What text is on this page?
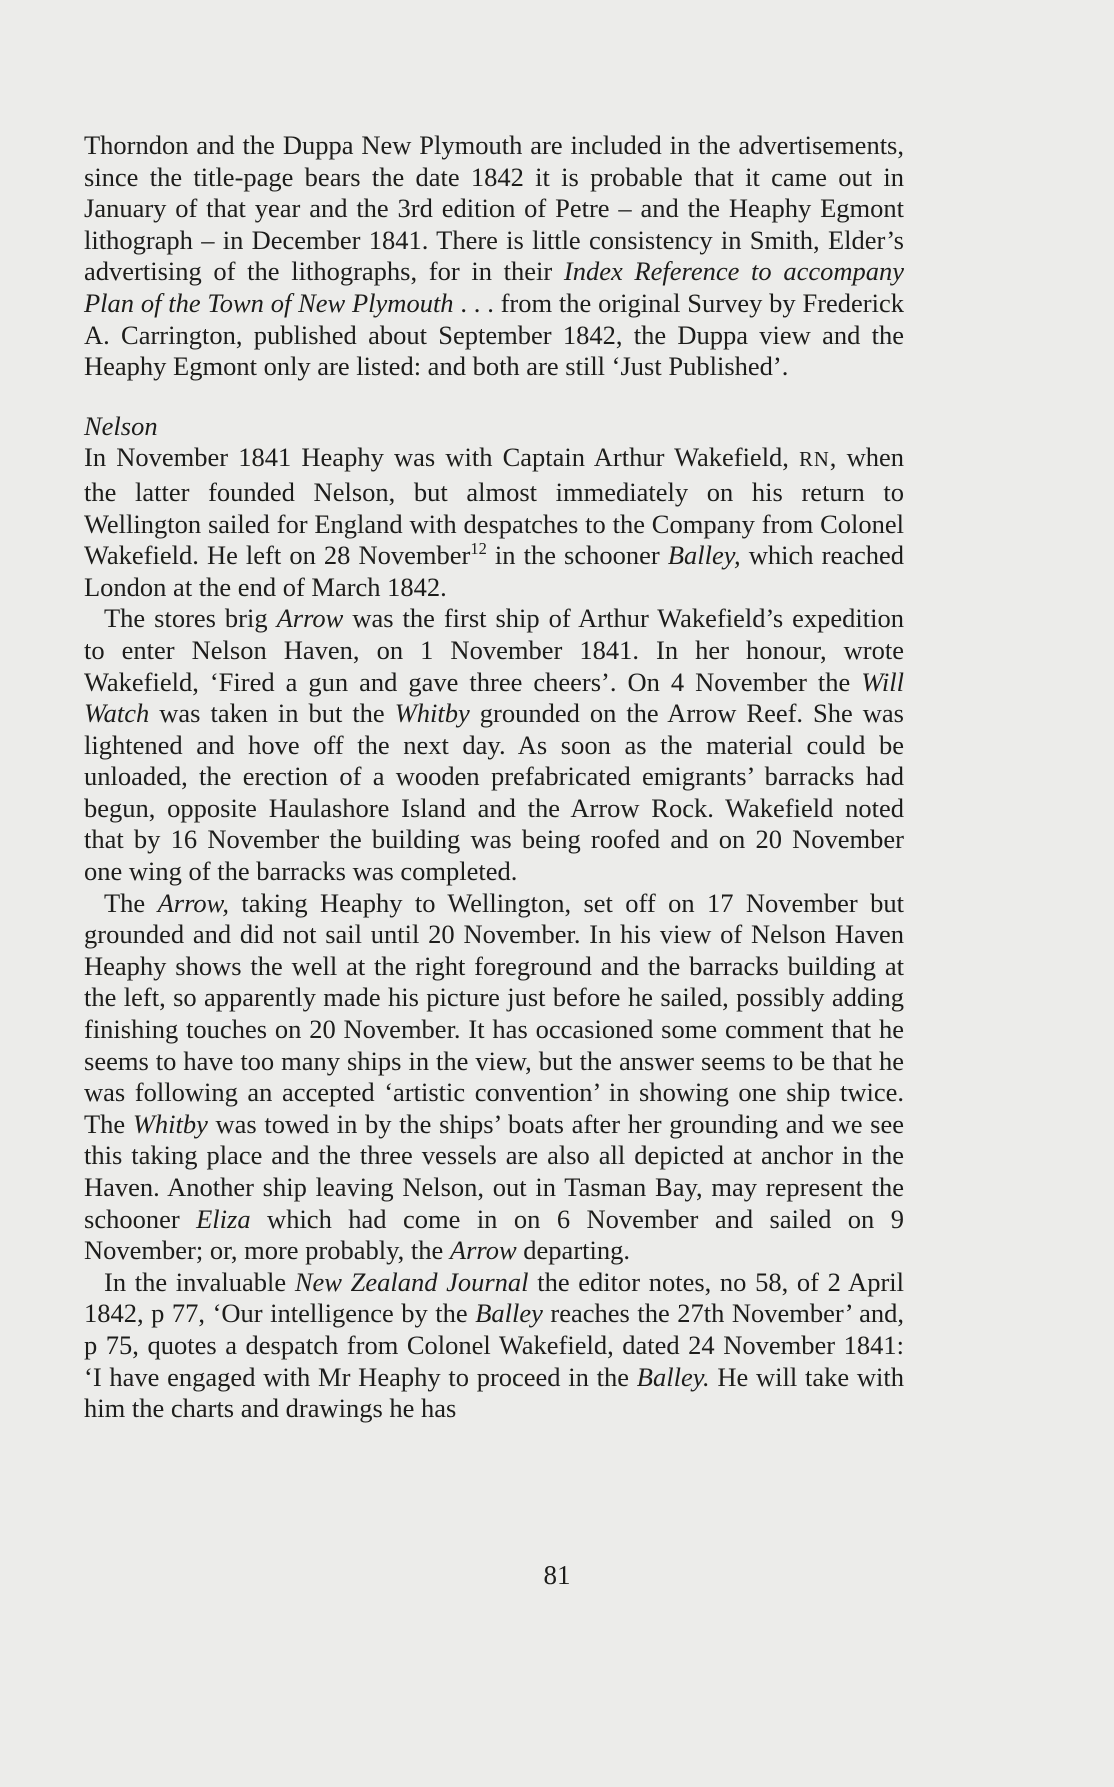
Thorndon and the Duppa New Plymouth are included in the advertisements, since the title-page bears the date 1842 it is probable that it came out in January of that year and the 3rd edition of Petre – and the Heaphy Egmont lithograph – in December 1841. There is little consistency in Smith, Elder’s advertising of the lithographs, for in their Index Reference to accompany Plan of the Town of New Plymouth . . . from the original Survey by Frederick A. Carrington, published about September 1842, the Duppa view and the Heaphy Egmont only are listed: and both are still ‘Just Published’.

Nelson

In November 1841 Heaphy was with Captain Arthur Wakefield, RN, when the latter founded Nelson, but almost immediately on his return to Wellington sailed for England with despatches to the Company from Colonel Wakefield. He left on 28 November$^{12}$ in the schooner Balley, which reached London at the end of March 1842.

The stores brig Arrow was the first ship of Arthur Wakefield’s expedition to enter Nelson Haven, on 1 November 1841. In her honour, wrote Wakefield, ‘Fired a gun and gave three cheers’. On 4 November the Will Watch was taken in but the Whitby grounded on the Arrow Reef. She was lightened and hove off the next day. As soon as the material could be unloaded, the erection of a wooden prefabricated emigrants’ barracks had begun, opposite Haulashore Island and the Arrow Rock. Wakefield noted that by 16 November the building was being roofed and on 20 November one wing of the barracks was completed.

The Arrow, taking Heaphy to Wellington, set off on 17 November but grounded and did not sail until 20 November. In his view of Nelson Haven Heaphy shows the well at the right foreground and the barracks building at the left, so apparently made his picture just before he sailed, possibly adding finishing touches on 20 November. It has occasioned some comment that he seems to have too many ships in the view, but the answer seems to be that he was following an accepted ‘artistic convention’ in showing one ship twice. The Whitby was towed in by the ships’ boats after her grounding and we see this taking place and the three vessels are also all depicted at anchor in the Haven. Another ship leaving Nelson, out in Tasman Bay, may represent the schooner Eliza which had come in on 6 November and sailed on 9 November; or, more probably, the Arrow departing.

In the invaluable New Zealand Journal the editor notes, no 58, of 2 April 1842, p 77, ‘Our intelligence by the Balley reaches the 27th November’ and, p 75, quotes a despatch from Colonel Wakefield, dated 24 November 1841: ‘I have engaged with Mr Heaphy to proceed in the Balley. He will take with him the charts and drawings he has

81
